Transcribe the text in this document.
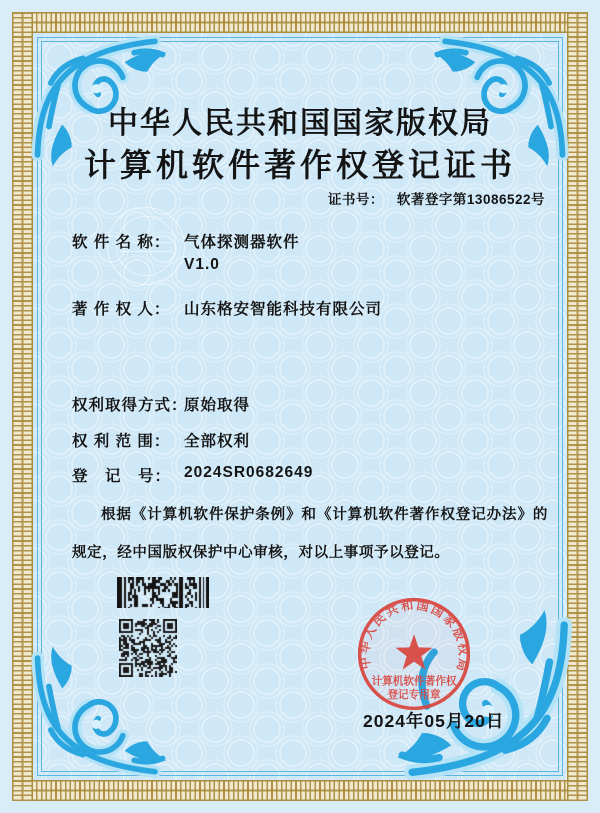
中华人民共和国国家版权局
计算机软件著作权登记证书
证书号： 软著登字第13086522号
软 件 名 称： 气体探测器软件
V1.0
著 作 权 人： 山东格安智能科技有限公司
权利取得方式：
原始取得
权 利 范 围： 全部权利
登　记　号： 2024SR0682649
根据《计算机软件保护条例》和《计算机软件著作权登记办法》的规定，经中国版权保护中心审核，对以上事项予以登记。
中华人民共和国国家版权局
计算机软件著作权
登记专用章
2024年05月20日
